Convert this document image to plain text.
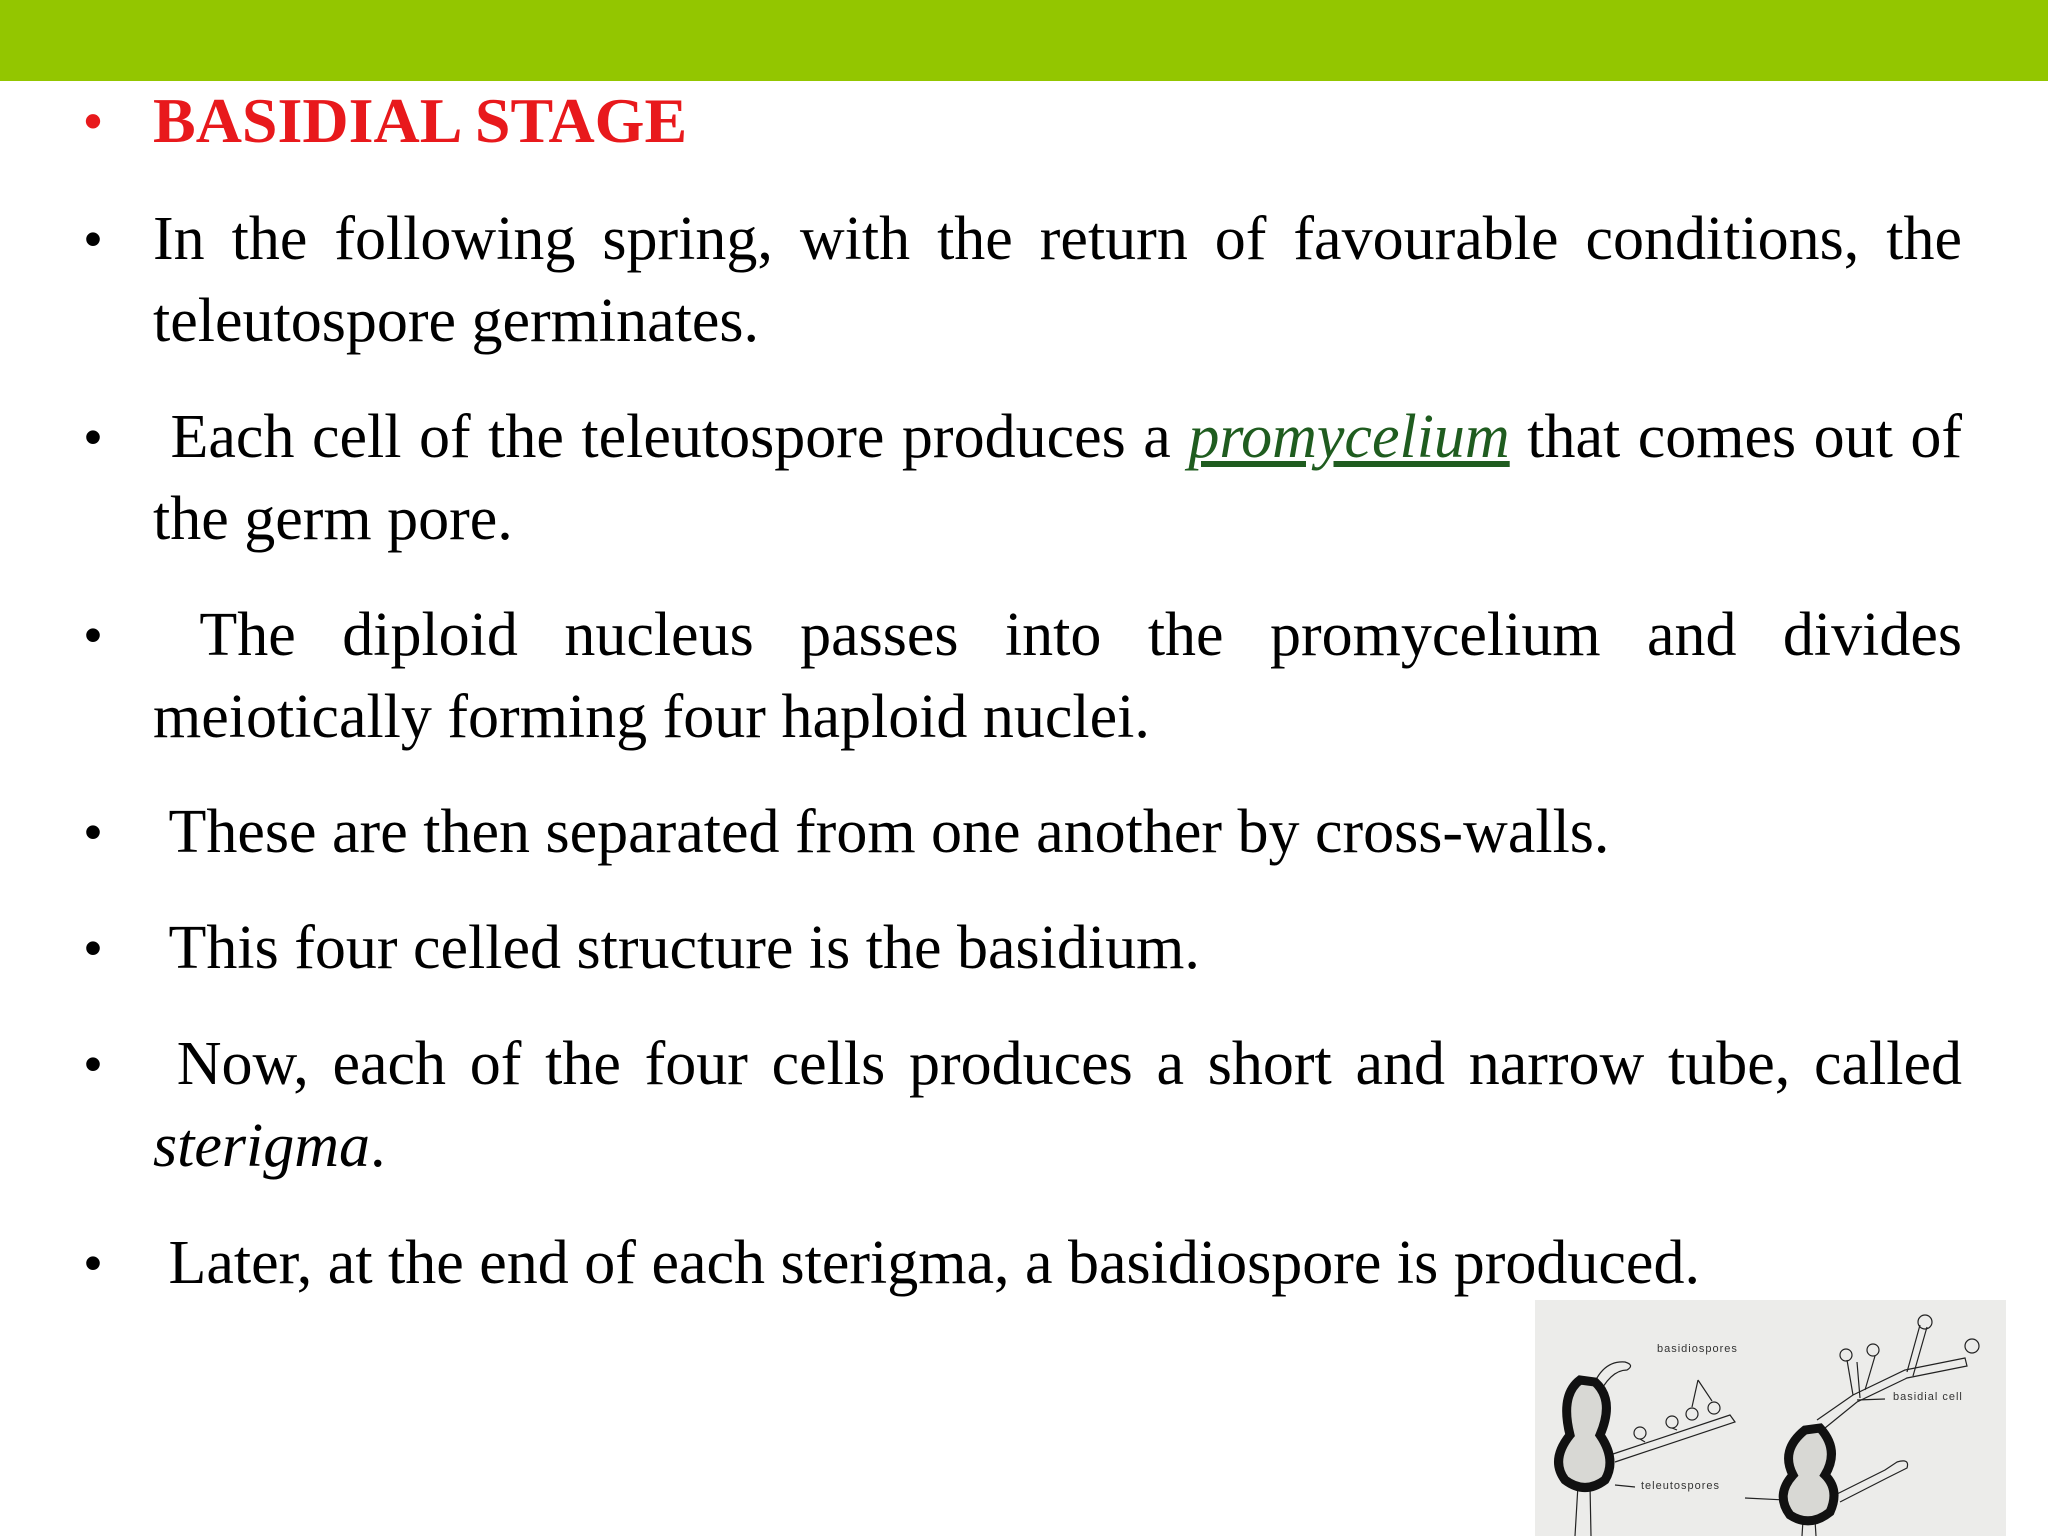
• BASIDIAL STAGE
• In the following spring, with the return of favourable conditions, the teleutospore germinates.
• Each cell of the teleutospore produces a promycelium that comes out of the germ pore.
• The diploid nucleus passes into the promycelium and divides meiotically forming four haploid nuclei.
• These are then separated from one another by cross-walls.
• This four celled structure is the basidium.
• Now, each of the four cells produces a short and narrow tube, called sterigma.
• Later, at the end of each sterigma, a basidiospore is produced.
basidiospores
basidial cell
teleutospores
